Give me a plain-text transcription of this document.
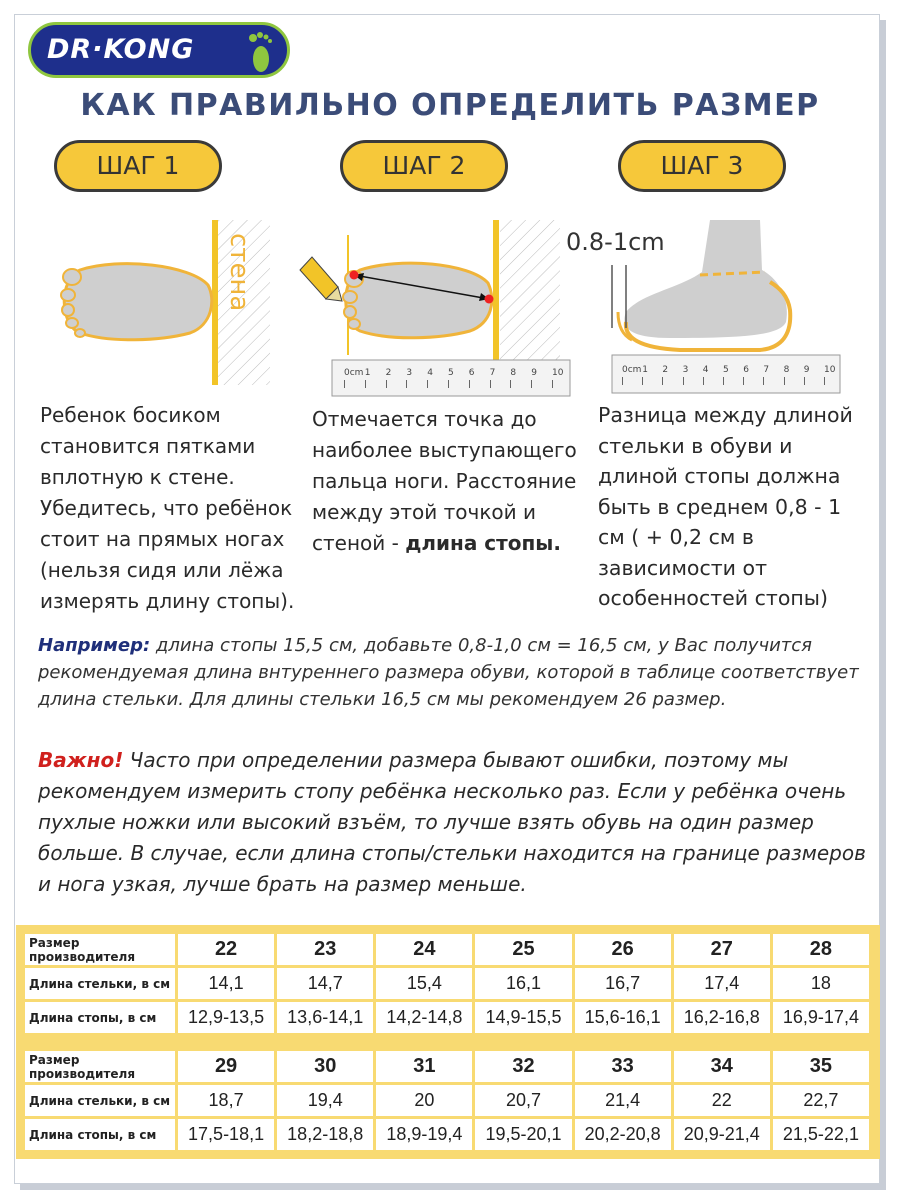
DR·KONG
КАК ПРАВИЛЬНО ОПРЕДЕЛИТЬ РАЗМЕР
ШАГ 1	ШАГ 2	ШАГ 3
стена	0.8-1cm
0cm 1 2 3 4 5 6 7 8 9 10	0cm 1 2 3 4 5 6 7 8 9 10
Ребенок босиком становится пятками вплотную к стене. Убедитесь, что ребёнок стоит на прямых ногах (нельзя сидя или лёжа измерять длину стопы).
Отмечается точка до наиболее выступающего пальца ноги. Расстояние между этой точкой и стеной - длина стопы.
Разница между длиной стельки в обуви и длиной стопы должна быть в среднем 0,8 - 1 см ( + 0,2 см в зависимости от особенностей стопы)
Например: длина стопы 15,5 см, добавьте 0,8-1,0 см = 16,5 см, у Вас получится рекомендуемая длина внтуреннего размера обуви, которой в таблице соответствует длина стельки. Для длины стельки 16,5 см мы рекомендуем 26 размер.
Важно! Часто при определении размера бывают ошибки, поэтому мы рекомендуем измерить стопу ребёнка несколько раз. Если у ребёнка очень пухлые ножки или высокий взъём, то лучше взять обувь на один размер больше. В случае, если длина стопы/стельки находится на границе размеров и нога узкая, лучше брать на размер меньше.
Размер производителя	22	23	24	25	26	27	28
Длина стельки, в см	14,1	14,7	15,4	16,1	16,7	17,4	18
Длина стопы, в см	12,9-13,5	13,6-14,1	14,2-14,8	14,9-15,5	15,6-16,1	16,2-16,8	16,9-17,4
Размер производителя	29	30	31	32	33	34	35
Длина стельки, в см	18,7	19,4	20	20,7	21,4	22	22,7
Длина стопы, в см	17,5-18,1	18,2-18,8	18,9-19,4	19,5-20,1	20,2-20,8	20,9-21,4	21,5-22,1
